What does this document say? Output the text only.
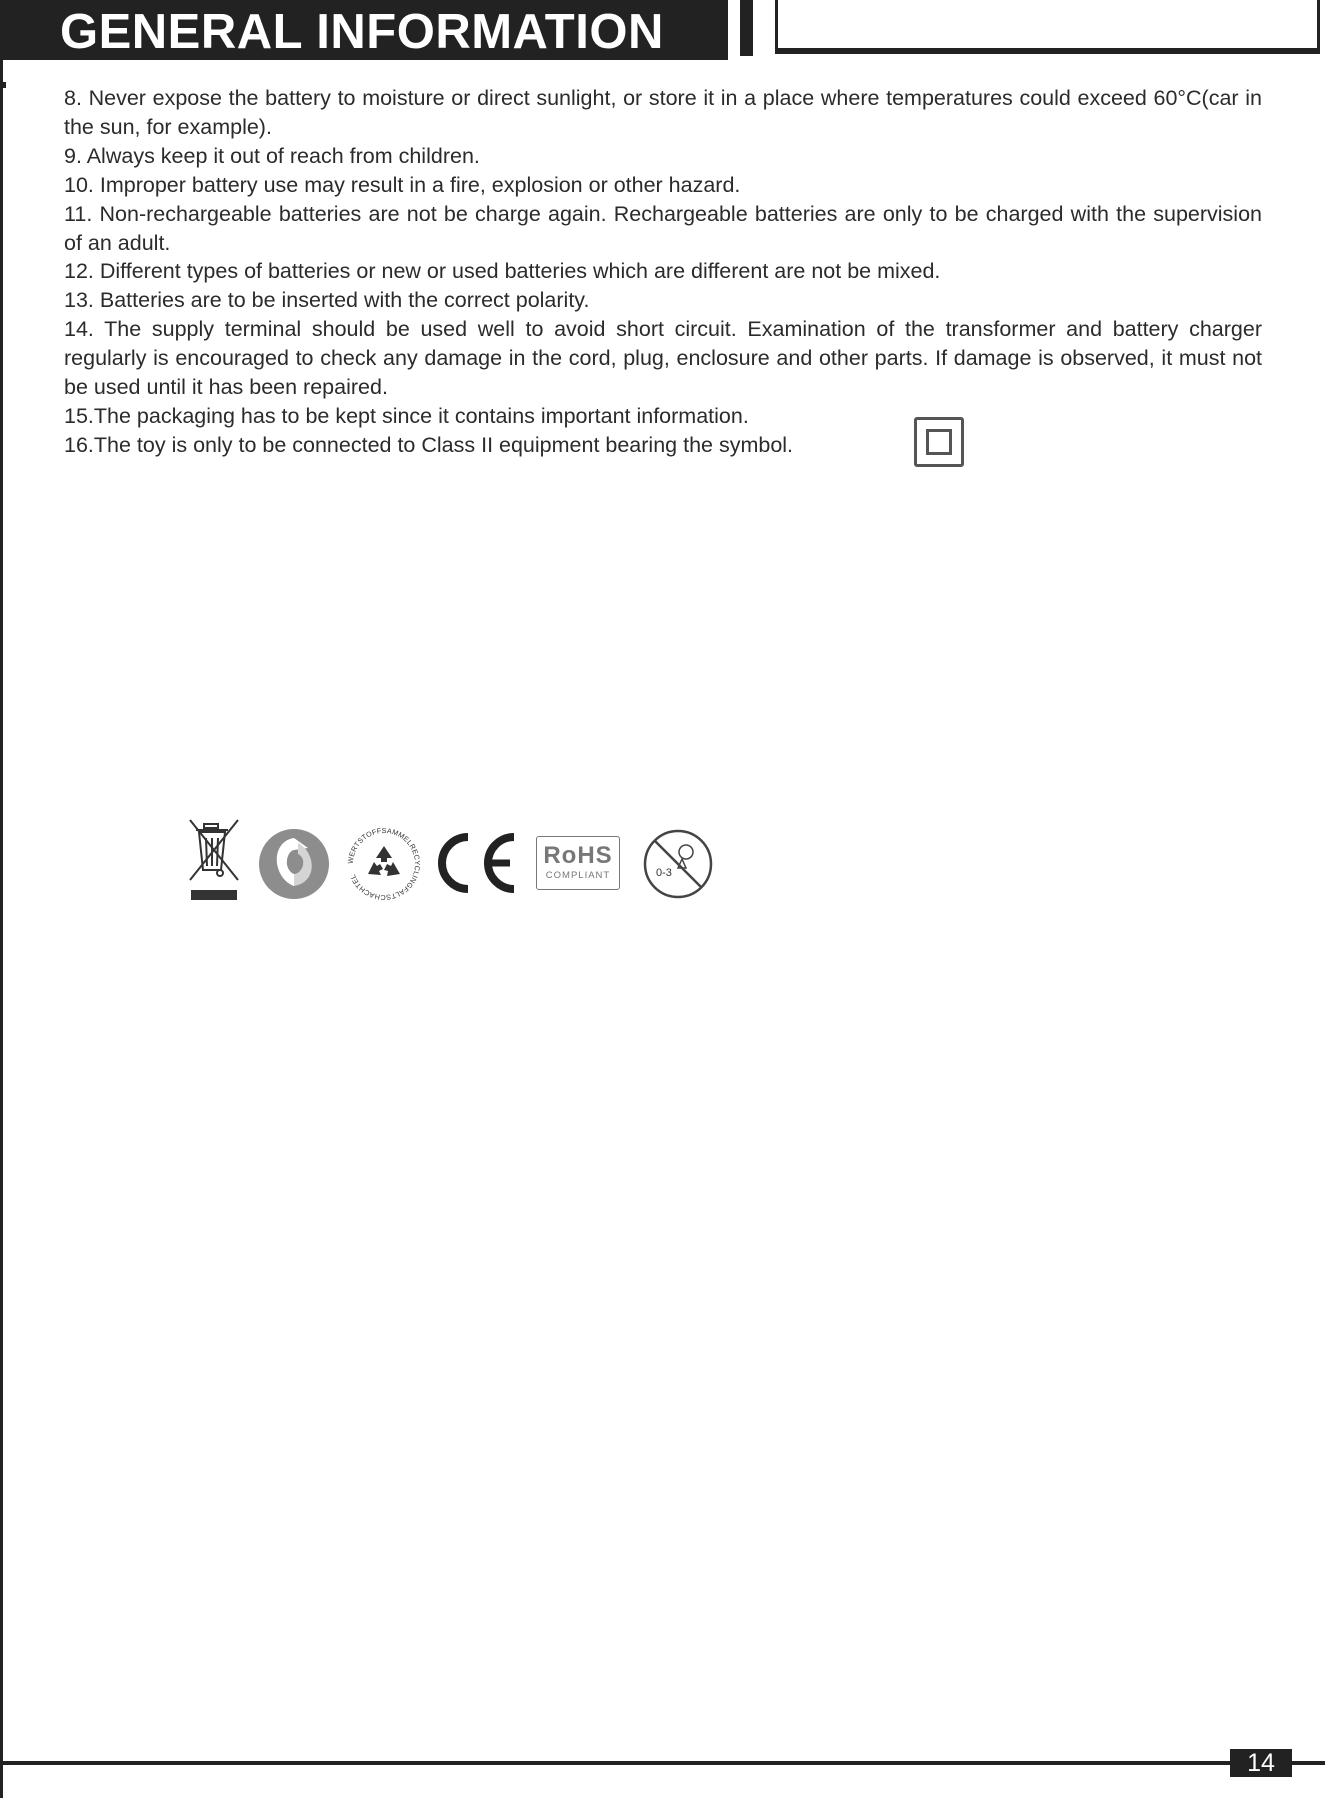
GENERAL INFORMATION

8. Never expose the battery to moisture or direct sunlight, or store it in a place where temperatures could exceed 60°C(car in the sun, for example).

9. Always keep it out of reach from children.

10. Improper battery use may result in a fire, explosion or other hazard.

11. Non-rechargeable batteries are not be charge again. Rechargeable batteries are only to be charged with the supervision of an adult.

12. Different types of batteries or new or used batteries which are different are not be mixed.

13. Batteries are to be inserted with the correct polarity.

14. The supply terminal should be used well to avoid short circuit. Examination of the transformer and battery charger regularly is encouraged to check any damage in the cord, plug, enclosure and other parts. If damage is observed, it must not be used until it has been repaired.

15.The packaging has to be kept since it contains important information.

16.The toy is only to be connected to Class II equipment bearing the symbol.

WERTSTOFFSAMMELRECYCLINGFALTSCHACHTEL
RoHS
COMPLIANT	0-3
14
